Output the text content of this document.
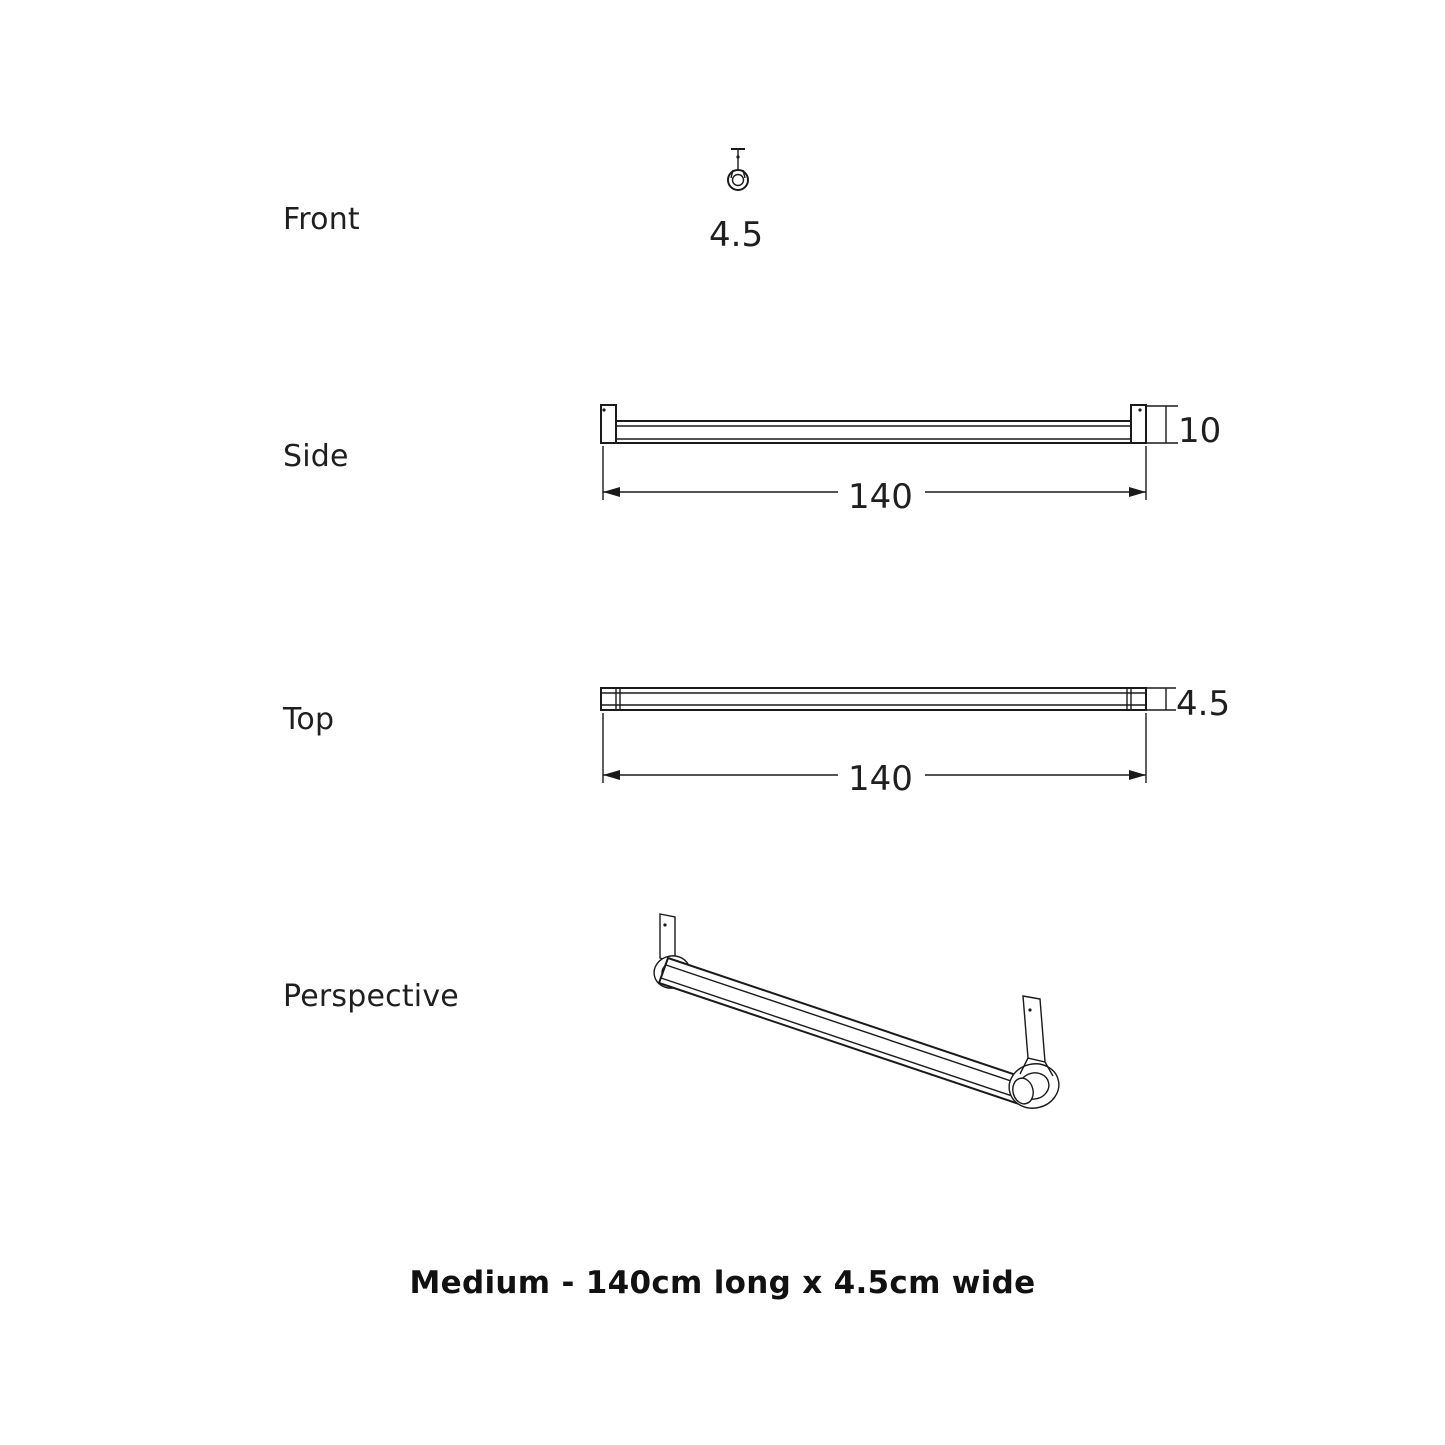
Front
Side
Top
Perspective
4.5
10
140
4.5
140
Medium - 140cm long x 4.5cm wide
